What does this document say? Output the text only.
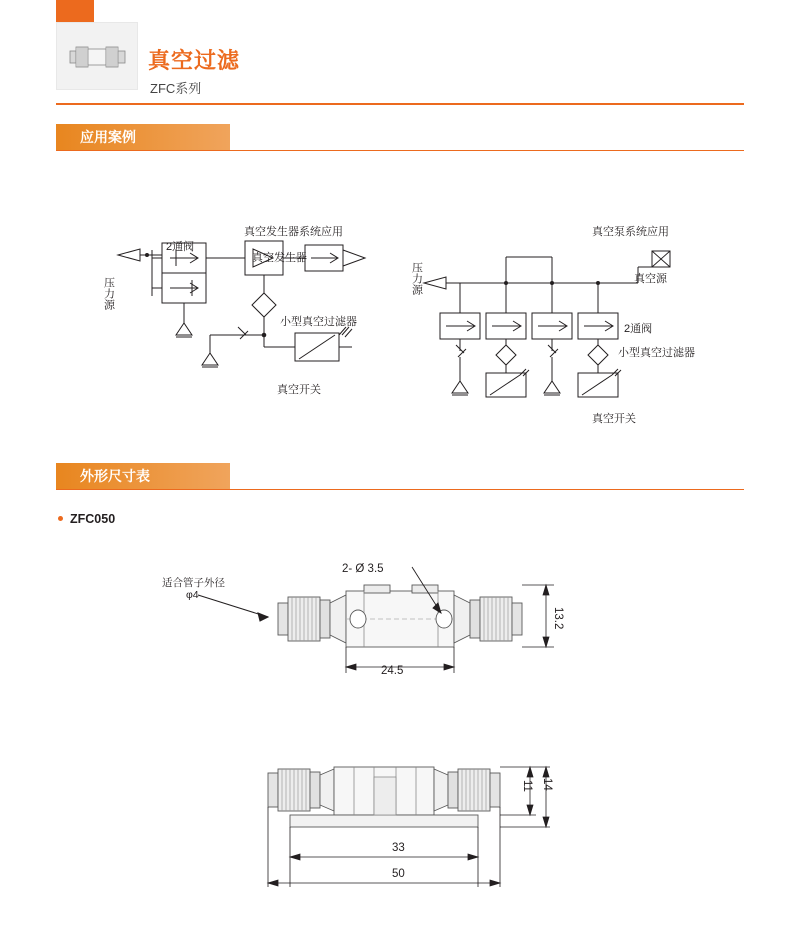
真空过滤
ZFC系列
应用案例
真空发生器系统应用
2通阀
真空发生器
压力源
小型真空过滤器
真空开关
真空泵系统应用
压力源	真空源
2通阀
小型真空过滤器
真空开关
外形尺寸表
ZFC050
适合管子外径
φ4
2- Ø 3.5
24.5
13.2
11 14
33
50
